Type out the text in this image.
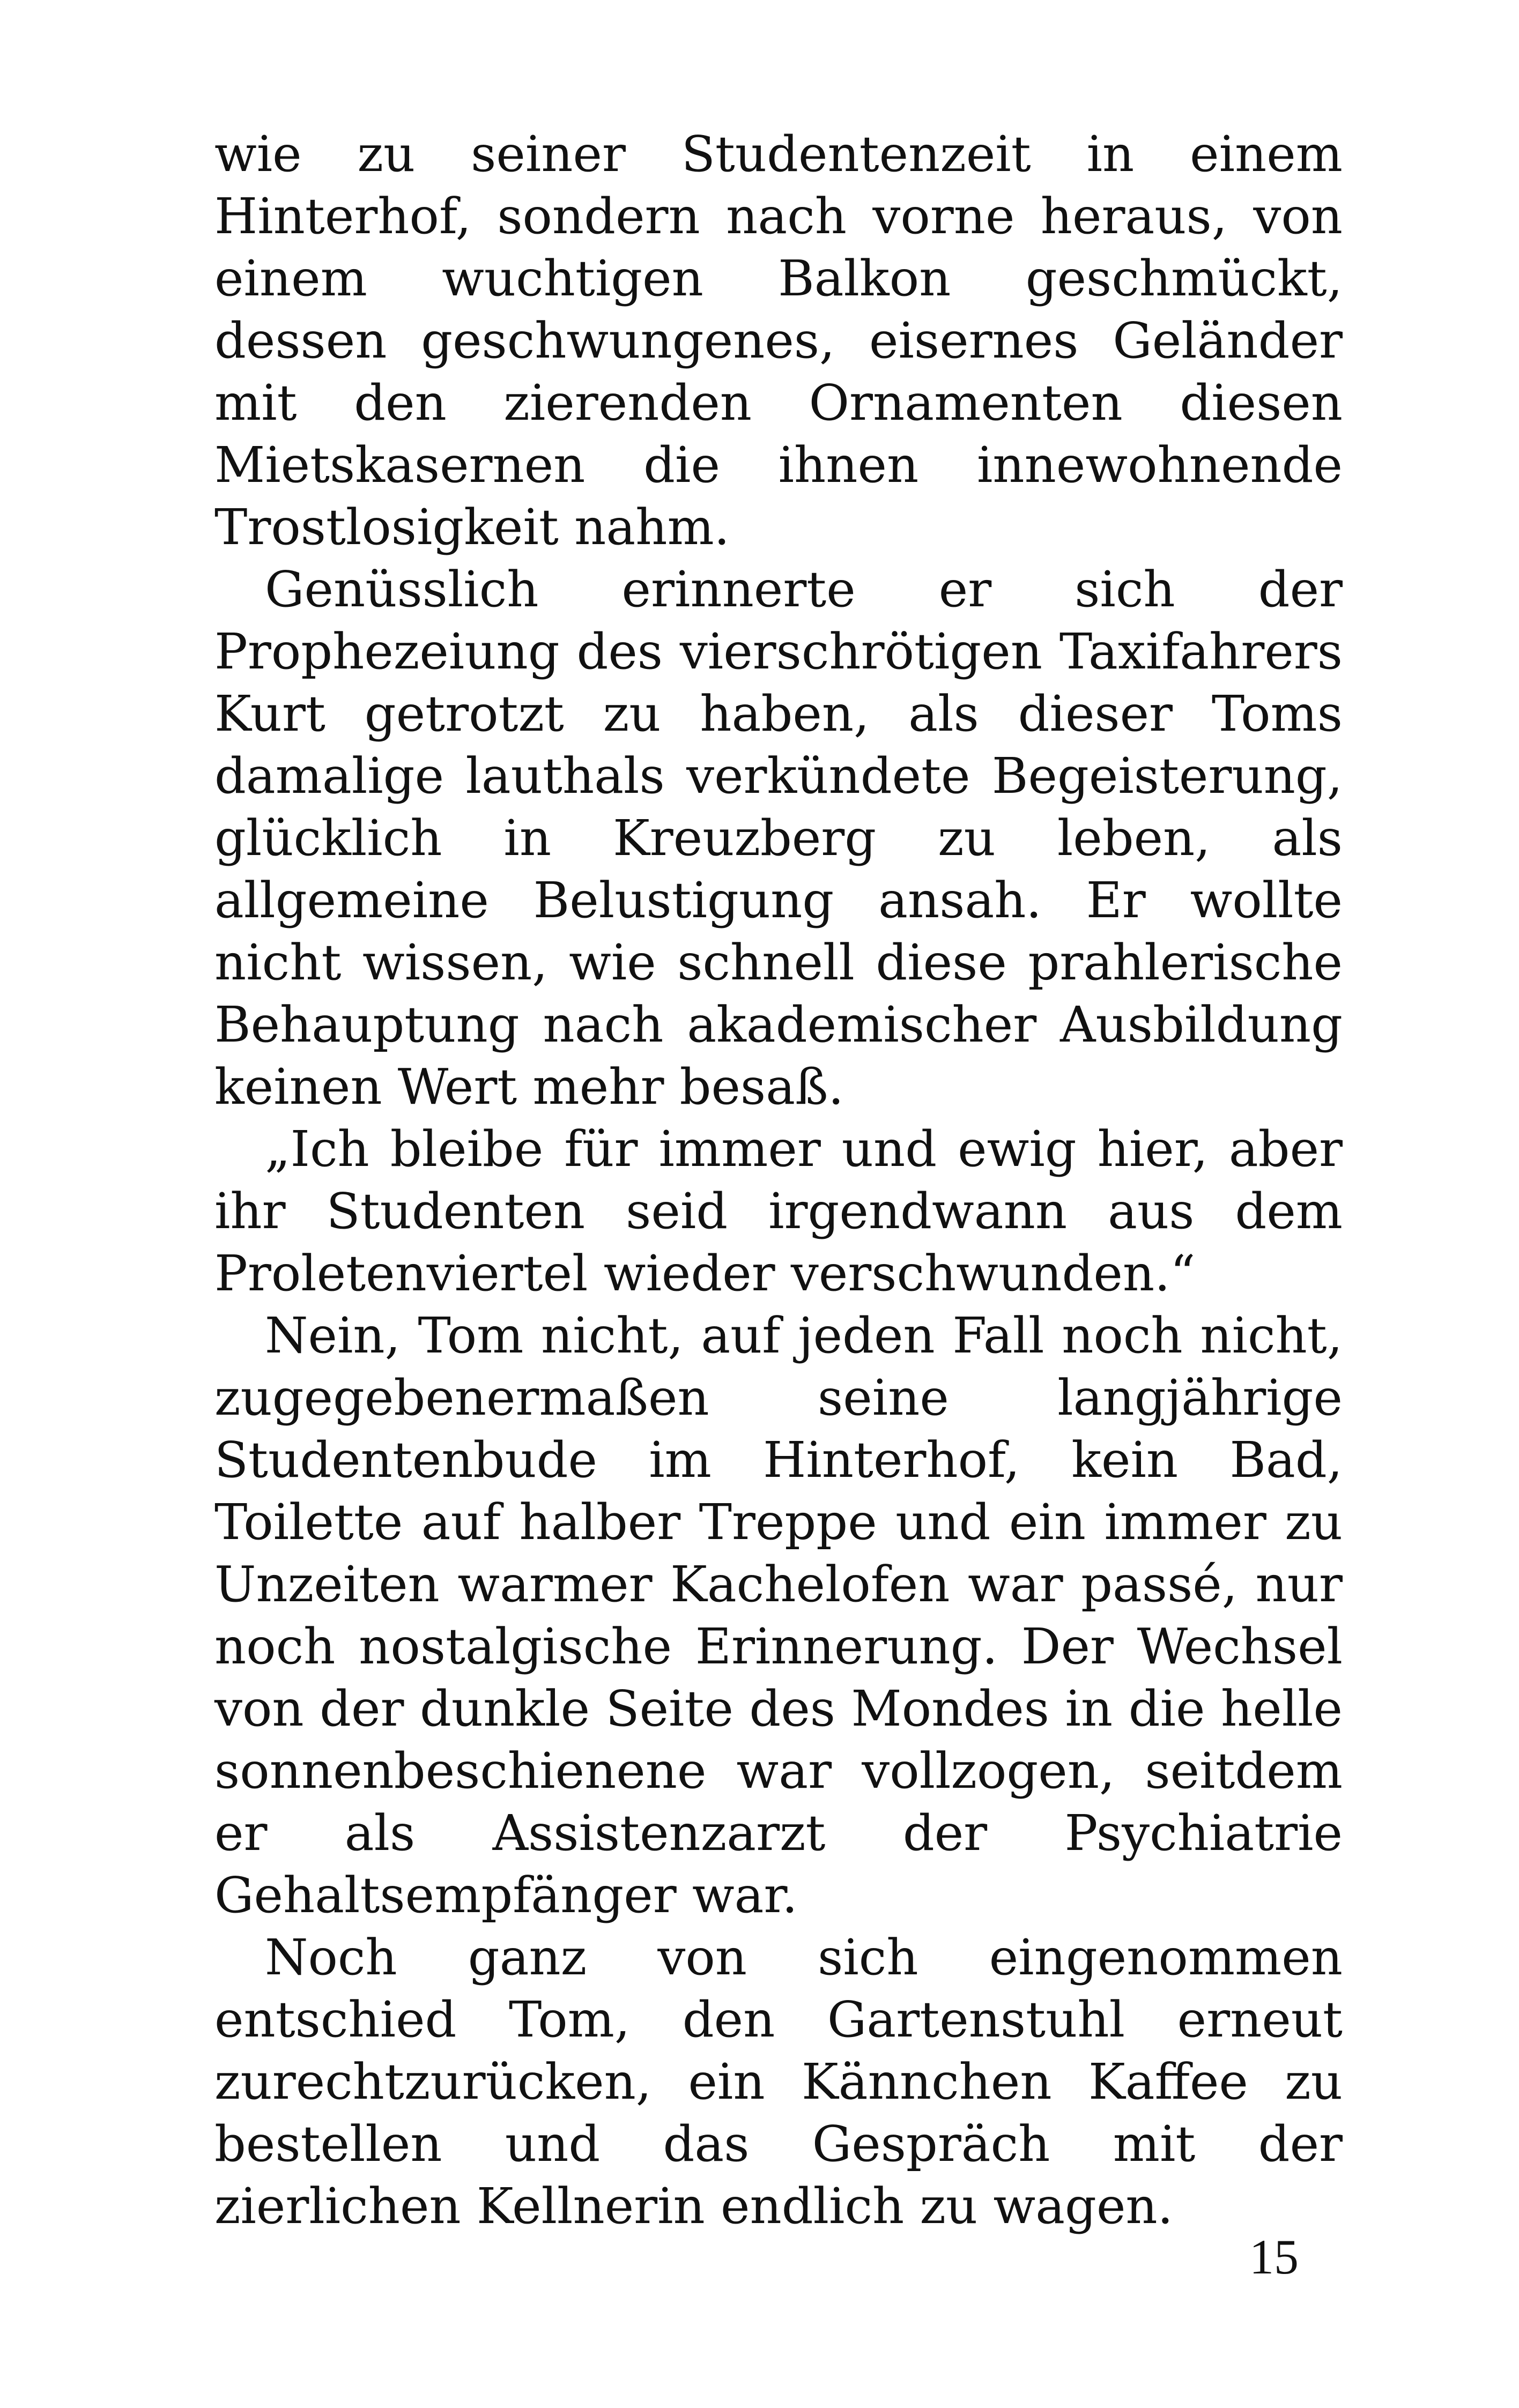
wie zu seiner Studentenzeit in einem Hinterhof, sondern nach vorne heraus, von einem wuchtigen Balkon geschmückt, dessen geschwungenes, eisernes Geländer mit den zierenden Ornamenten diesen Mietskasernen die ihnen innewohnende Trostlosigkeit nahm.

Genüsslich erinnerte er sich der Prophezeiung des vierschrötigen Taxifahrers Kurt getrotzt zu haben, als dieser Toms damalige lauthals verkündete Begeisterung, glücklich in Kreuzberg zu leben, als allgemeine Belustigung ansah. Er wollte nicht wissen, wie schnell diese prahlerische Behauptung nach akademischer Ausbildung keinen Wert mehr besaß.

„Ich bleibe für immer und ewig hier, aber ihr Studenten seid irgendwann aus dem Proletenviertel wieder verschwunden.“

Nein, Tom nicht, auf jeden Fall noch nicht, zugegebenermaßen seine langjährige Studentenbude im Hinterhof, kein Bad, Toilette auf halber Treppe und ein immer zu Unzeiten warmer Kachelofen war passé, nur noch nostalgische Erinnerung. Der Wechsel von der dunkle Seite des Mondes in die helle sonnenbeschienene war vollzogen, seitdem er als Assistenzarzt der Psychiatrie Gehaltsempfänger war.

Noch ganz von sich eingenommen entschied Tom, den Gartenstuhl erneut zurechtzurücken, ein Kännchen Kaffee zu bestellen und das Gespräch mit der zierlichen Kellnerin endlich zu wagen.

15
